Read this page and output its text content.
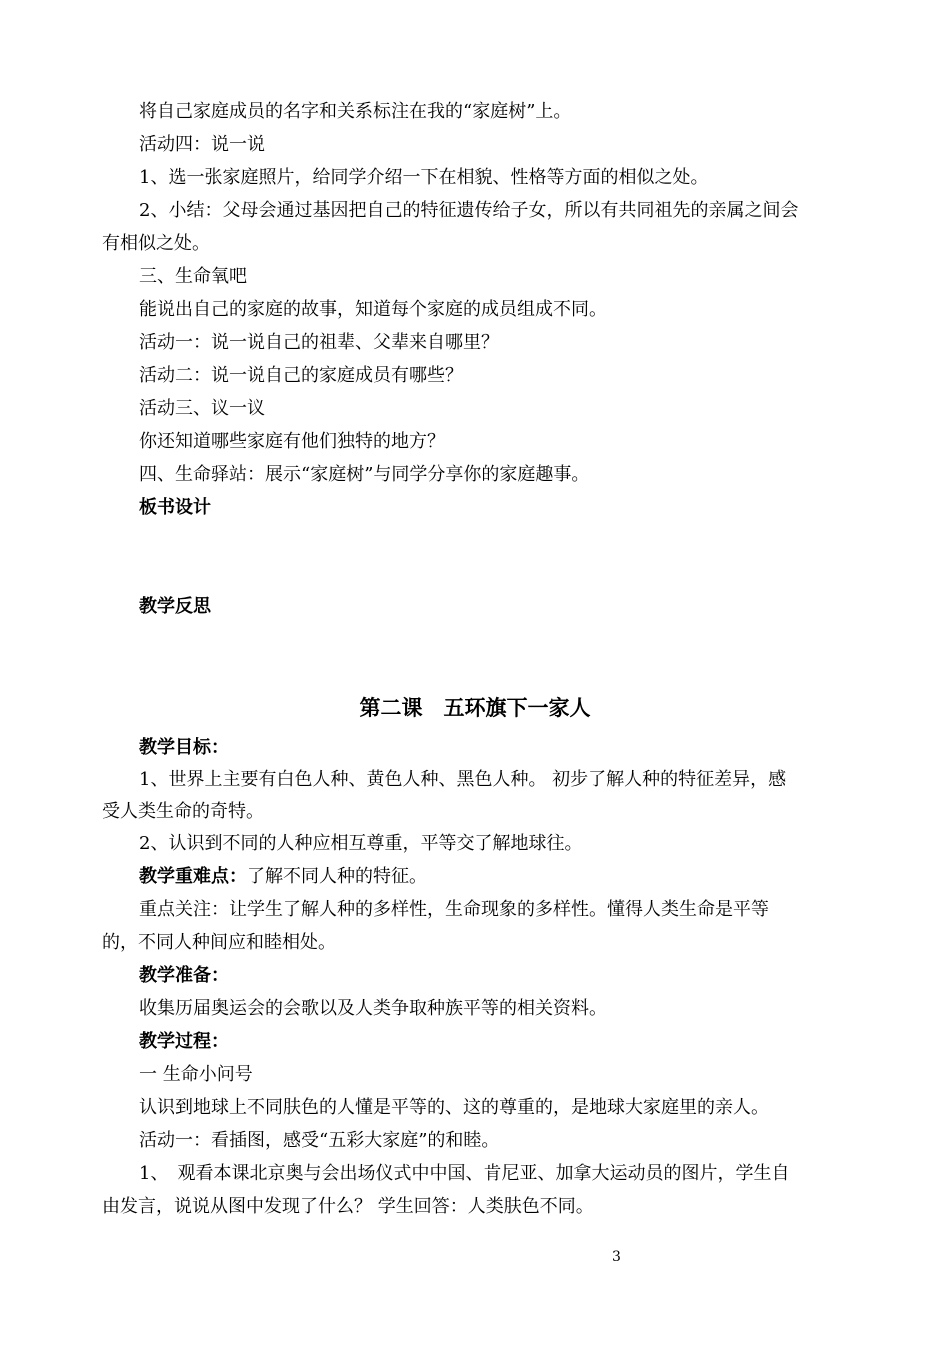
将自己家庭成员的名字和关系标注在我的“家庭树”上。
活动四：说一说
1、选一张家庭照片，给同学介绍一下在相貌、性格等方面的相似之处。
2、小结：父母会通过基因把自己的特征遗传给子女，所以有共同祖先的亲属之间会
有相似之处。
三、生命氧吧
能说出自己的家庭的故事，知道每个家庭的成员组成不同。
活动一：说一说自己的祖辈、父辈来自哪里？
活动二：说一说自己的家庭成员有哪些？
活动三、议一议
你还知道哪些家庭有他们独特的地方？
四、生命驿站：展示“家庭树”与同学分享你的家庭趣事。
板书设计
教学反思
第二课　五环旗下一家人
教学目标：
1、世界上主要有白色人种、黄色人种、黑色人种。 初步了解人种的特征差异，感
受人类生命的奇特。
2、认识到不同的人种应相互尊重，平等交了解地球往。
教学重难点：了解不同人种的特征。
重点关注：让学生了解人种的多样性，生命现象的多样性。懂得人类生命是平等
的，不同人种间应和睦相处。
教学准备：
收集历届奥运会的会歌以及人类争取种族平等的相关资料。
教学过程：
一 生命小问号
认识到地球上不同肤色的人懂是平等的、这的尊重的，是地球大家庭里的亲人。
活动一：看插图，感受“五彩大家庭”的和睦。
1、　观看本课北京奥与会出场仪式中中国、肯尼亚、加拿大运动员的图片，学生自
由发言，说说从图中发现了什么？ 学生回答：人类肤色不同。
3
